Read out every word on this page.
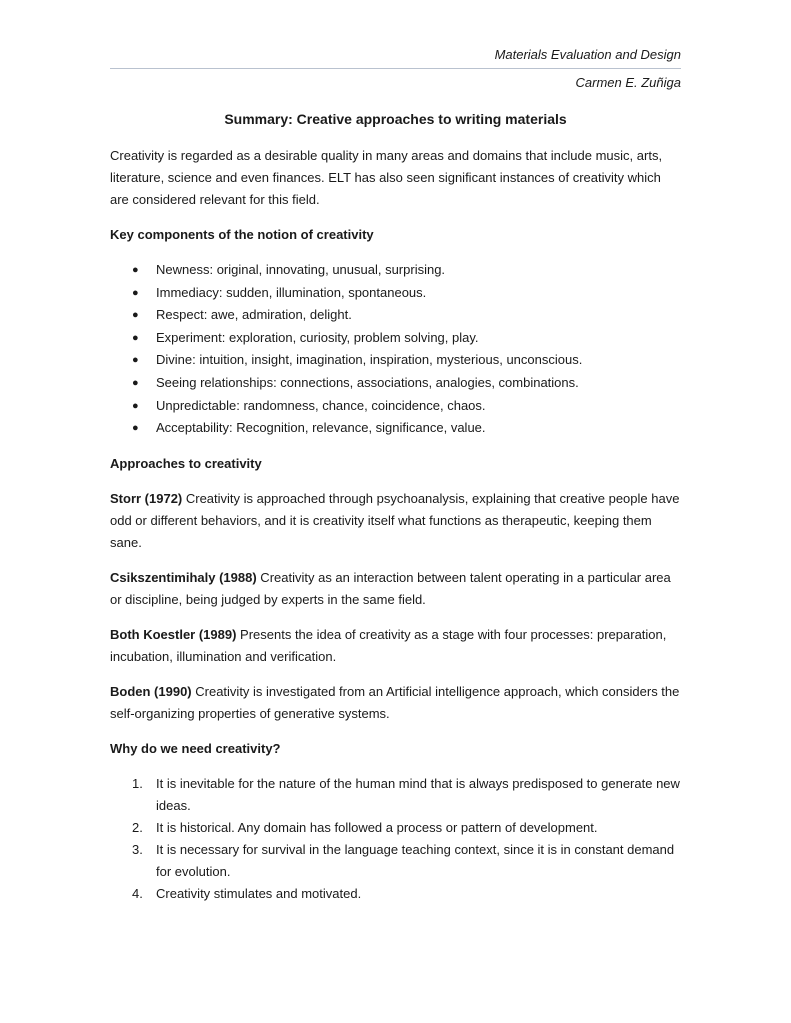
Materials Evaluation and Design
Carmen E. Zuñiga
Summary: Creative approaches to writing materials

Creativity is regarded as a desirable quality in many areas and domains that include music, arts, literature, science and even finances. ELT has also seen significant instances of creativity which are considered relevant for this field.

Key components of the notion of creativity
● Newness: original, innovating, unusual, surprising.
● Immediacy: sudden, illumination, spontaneous.
● Respect: awe, admiration, delight.
● Experiment: exploration, curiosity, problem solving, play.
● Divine: intuition, insight, imagination, inspiration, mysterious, unconscious.
● Seeing relationships: connections, associations, analogies, combinations.
● Unpredictable: randomness, chance, coincidence, chaos.
● Acceptability: Recognition, relevance, significance, value.
Approaches to creativity

Storr (1972) Creativity is approached through psychoanalysis, explaining that creative people have odd or different behaviors, and it is creativity itself what functions as therapeutic, keeping them sane.

Csikszentimihaly (1988) Creativity as an interaction between talent operating in a particular area or discipline, being judged by experts in the same field.

Both Koestler (1989) Presents the idea of creativity as a stage with four processes: preparation, incubation, illumination and verification.

Boden (1990) Creativity is investigated from an Artificial intelligence approach, which considers the self-organizing properties of generative systems.

Why do we need creativity?
1. It is inevitable for the nature of the human mind that is always predisposed to generate new ideas.
2. It is historical. Any domain has followed a process or pattern of development.
3. It is necessary for survival in the language teaching context, since it is in constant demand for evolution.
4. Creativity stimulates and motivated.
